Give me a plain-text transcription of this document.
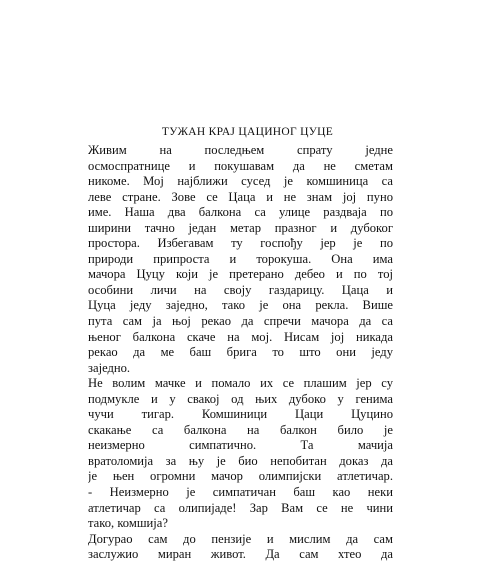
ТУЖАН КРАЈ ЦАЦИНОГ ЦУЦЕ
Живим на последњем спрату једне
осмоспратнице и покушавам да не сметам
никоме. Мој најближи сусед је комшиница са
леве стране. Зове се Цаца и не знам јој пуно
име. Наша два балкона са улице раздваја по
ширини тачно један метар празног и дубоког
простора. Избегавам ту госпођу јер је по
природи припроста и торокуша. Она има
мачора Цуцу који је претерано дебео и по тој
особини личи на своју газдарицу. Цаца и
Цуца једу заједно, тако је она рекла. Више
пута сам ја њој рекао да спречи мачора да са
њеног балкона скаче на мој. Нисам јој никада
рекао да ме баш брига то што они једу
заједно.
Не волим мачке и помало их се плашим јер су
подмукле и у свакој од њих дубоко у генима
чучи тигар. Комшиници Цаци Цуцино
скакање са балкона на балкон било је
неизмерно симпатично. Та мачија
вратоломија за њу је био непобитан доказ да
је њен огромни мачор олимпијски атлетичар.
- Неизмерно је симпатичан баш као неки
атлетичар са олипијаде! Зар Вам се не чини
тако, комшија?
Догурао сам до пензије и мислим да сам
заслужио миран живот. Да сам хтео да
